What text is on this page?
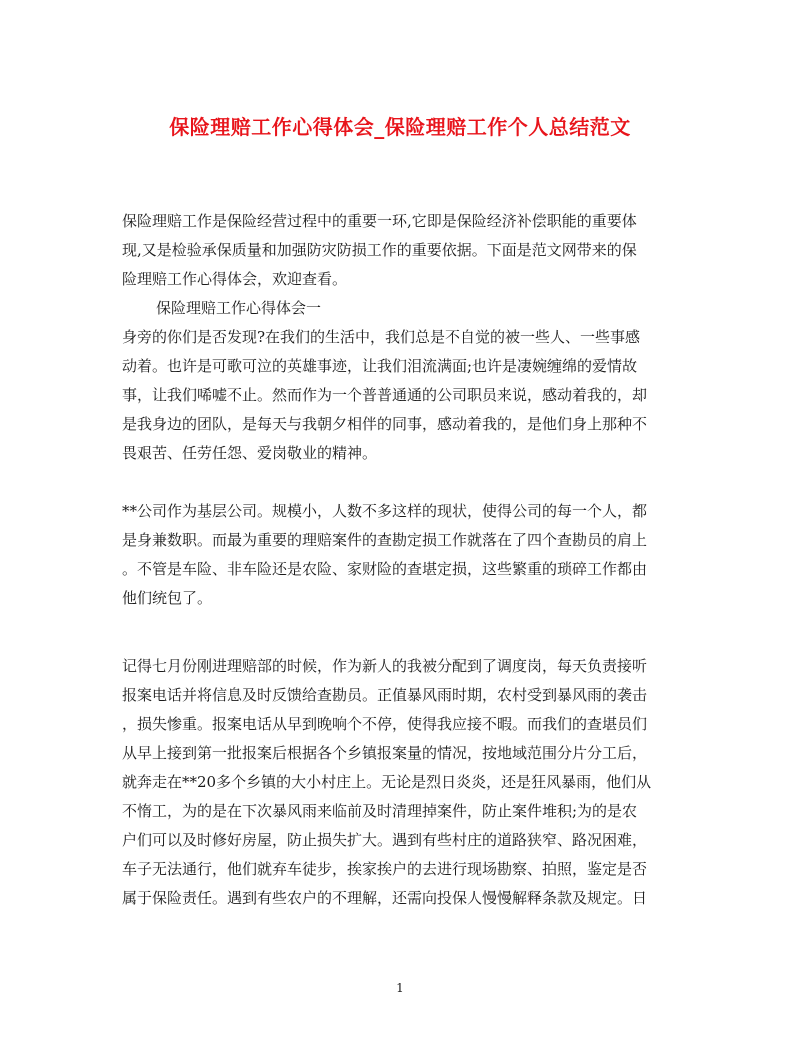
保险理赔工作心得体会_保险理赔工作个人总结范文
保险理赔工作是保险经营过程中的重要一环,它即是保险经济补偿职能的重要体
现,又是检验承保质量和加强防灾防损工作的重要依据。下面是范文网带来的保
险理赔工作心得体会，欢迎查看。
保险理赔工作心得体会一
身旁的你们是否发现?在我们的生活中，我们总是不自觉的被一些人、一些事感
动着。也许是可歌可泣的英雄事迹，让我们泪流满面;也许是凄婉缠绵的爱情故
事，让我们唏嘘不止。然而作为一个普普通通的公司职员来说，感动着我的，却
是我身边的团队，是每天与我朝夕相伴的同事，感动着我的，是他们身上那种不
畏艰苦、任劳任怨、爱岗敬业的精神。
**公司作为基层公司。规模小，人数不多这样的现状，使得公司的每一个人，都
是身兼数职。而最为重要的理赔案件的查勘定损工作就落在了四个查勘员的肩上
。不管是车险、非车险还是农险、家财险的查堪定损，这些繁重的琐碎工作都由
他们统包了。
记得七月份刚进理赔部的时候，作为新人的我被分配到了调度岗，每天负责接听
报案电话并将信息及时反馈给查勘员。正值暴风雨时期，农村受到暴风雨的袭击
，损失惨重。报案电话从早到晚响个不停，使得我应接不暇。而我们的查堪员们
从早上接到第一批报案后根据各个乡镇报案量的情况，按地域范围分片分工后，
就奔走在**20多个乡镇的大小村庄上。无论是烈日炎炎，还是狂风暴雨，他们从
不惰工，为的是在下次暴风雨来临前及时清理掉案件，防止案件堆积;为的是农
户们可以及时修好房屋，防止损失扩大。遇到有些村庄的道路狭窄、路况困难，
车子无法通行，他们就弃车徒步，挨家挨户的去进行现场勘察、拍照，鉴定是否
属于保险责任。遇到有些农户的不理解，还需向投保人慢慢解释条款及规定。日
1
